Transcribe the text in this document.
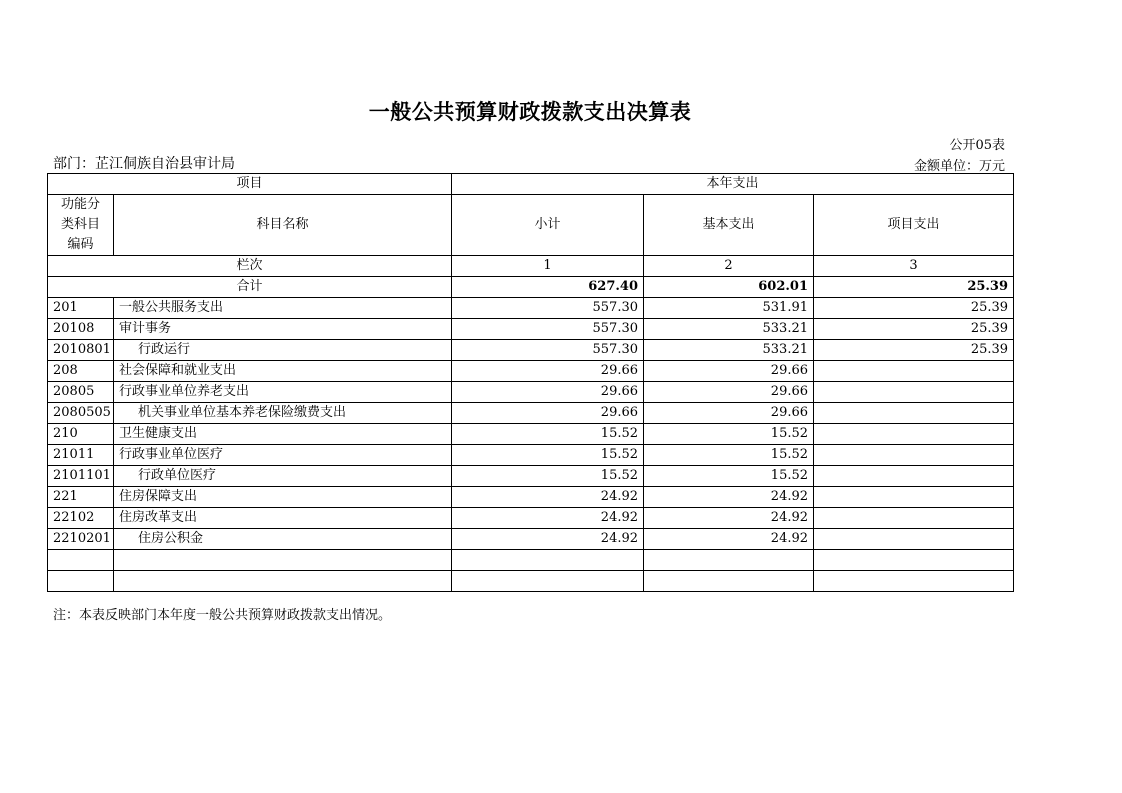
一般公共预算财政拨款支出决算表
公开05表
部门：芷江侗族自治县审计局	金额单位：万元
项目		本年支出		
功能分类科目编码	科目名称	小计	基本支出	项目支出
栏次		1	2	3
合计		627.40	602.01	25.39
201	一般公共服务支出	557.30	531.91	25.39
20108	审计事务	557.30	533.21	25.39
2010801	行政运行	557.30	533.21	25.39
208	社会保障和就业支出	29.66	29.66	
20805	行政事业单位养老支出	29.66	29.66	
2080505	机关事业单位基本养老保险缴费支出	29.66	29.66	
210	卫生健康支出	15.52	15.52	
21011	行政事业单位医疗	15.52	15.52	
2101101	行政单位医疗	15.52	15.52	
221	住房保障支出	24.92	24.92	
22102	住房改革支出	24.92	24.92	
2210201	住房公积金	24.92	24.92	

注：本表反映部门本年度一般公共预算财政拨款支出情况。
